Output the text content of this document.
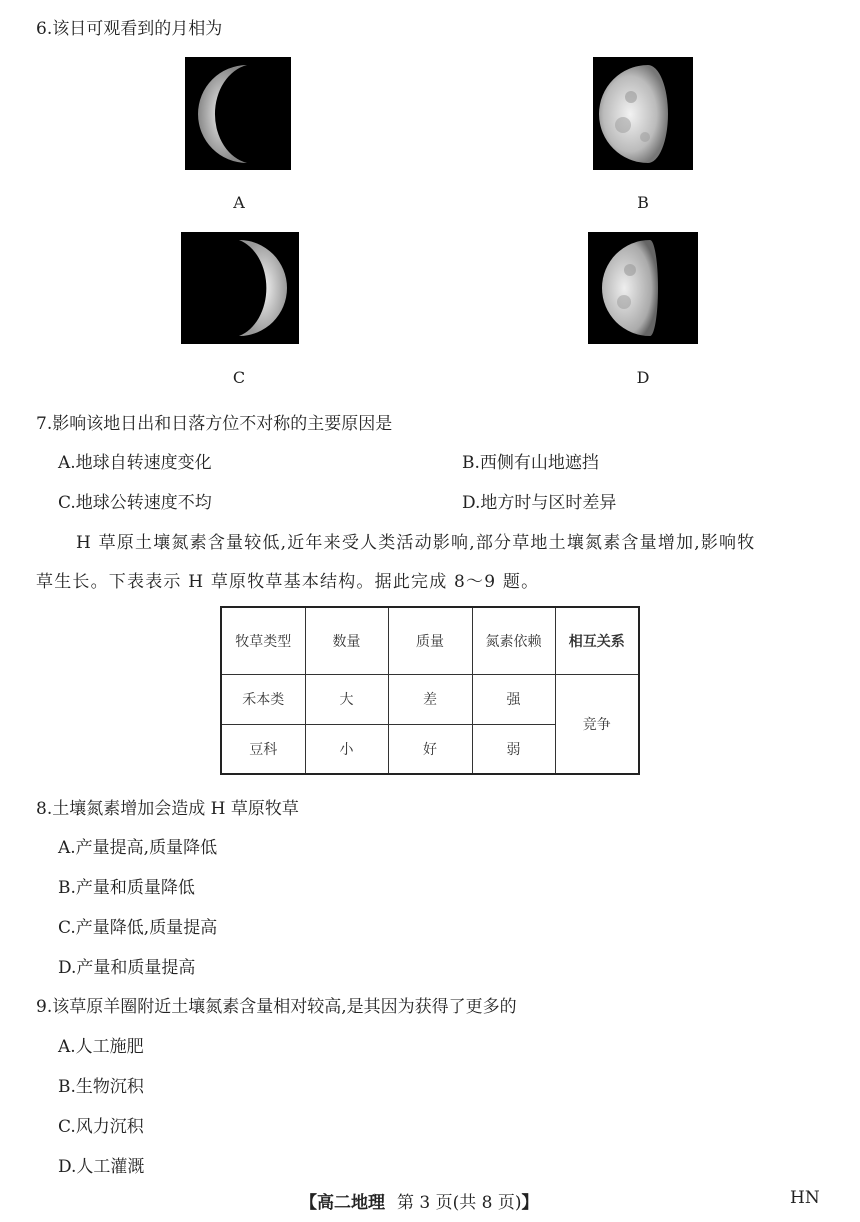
6.该日可观看到的月相为
A	B
C	D
7.影响该地日出和日落方位不对称的主要原因是
A.地球自转速度变化	B.西侧有山地遮挡
C.地球公转速度不均	D.地方时与区时差异
H 草原土壤氮素含量较低,近年来受人类活动影响,部分草地土壤氮素含量增加,影响牧
草生长。下表表示 H 草原牧草基本结构。据此完成 8～9 题。
牧草类型	数量	质量	氮素依赖	相互关系
禾本类	大	差	强	竞争
豆科	小	好	弱	
8.土壤氮素增加会造成 H 草原牧草
A.产量提高,质量降低
B.产量和质量降低
C.产量降低,质量提高
D.产量和质量提高
9.该草原羊圈附近土壤氮素含量相对较高,是其因为获得了更多的
A.人工施肥
B.生物沉积
C.风力沉积
D.人工灌溉
【高二地理 第 3 页(共 8 页)】	HN
